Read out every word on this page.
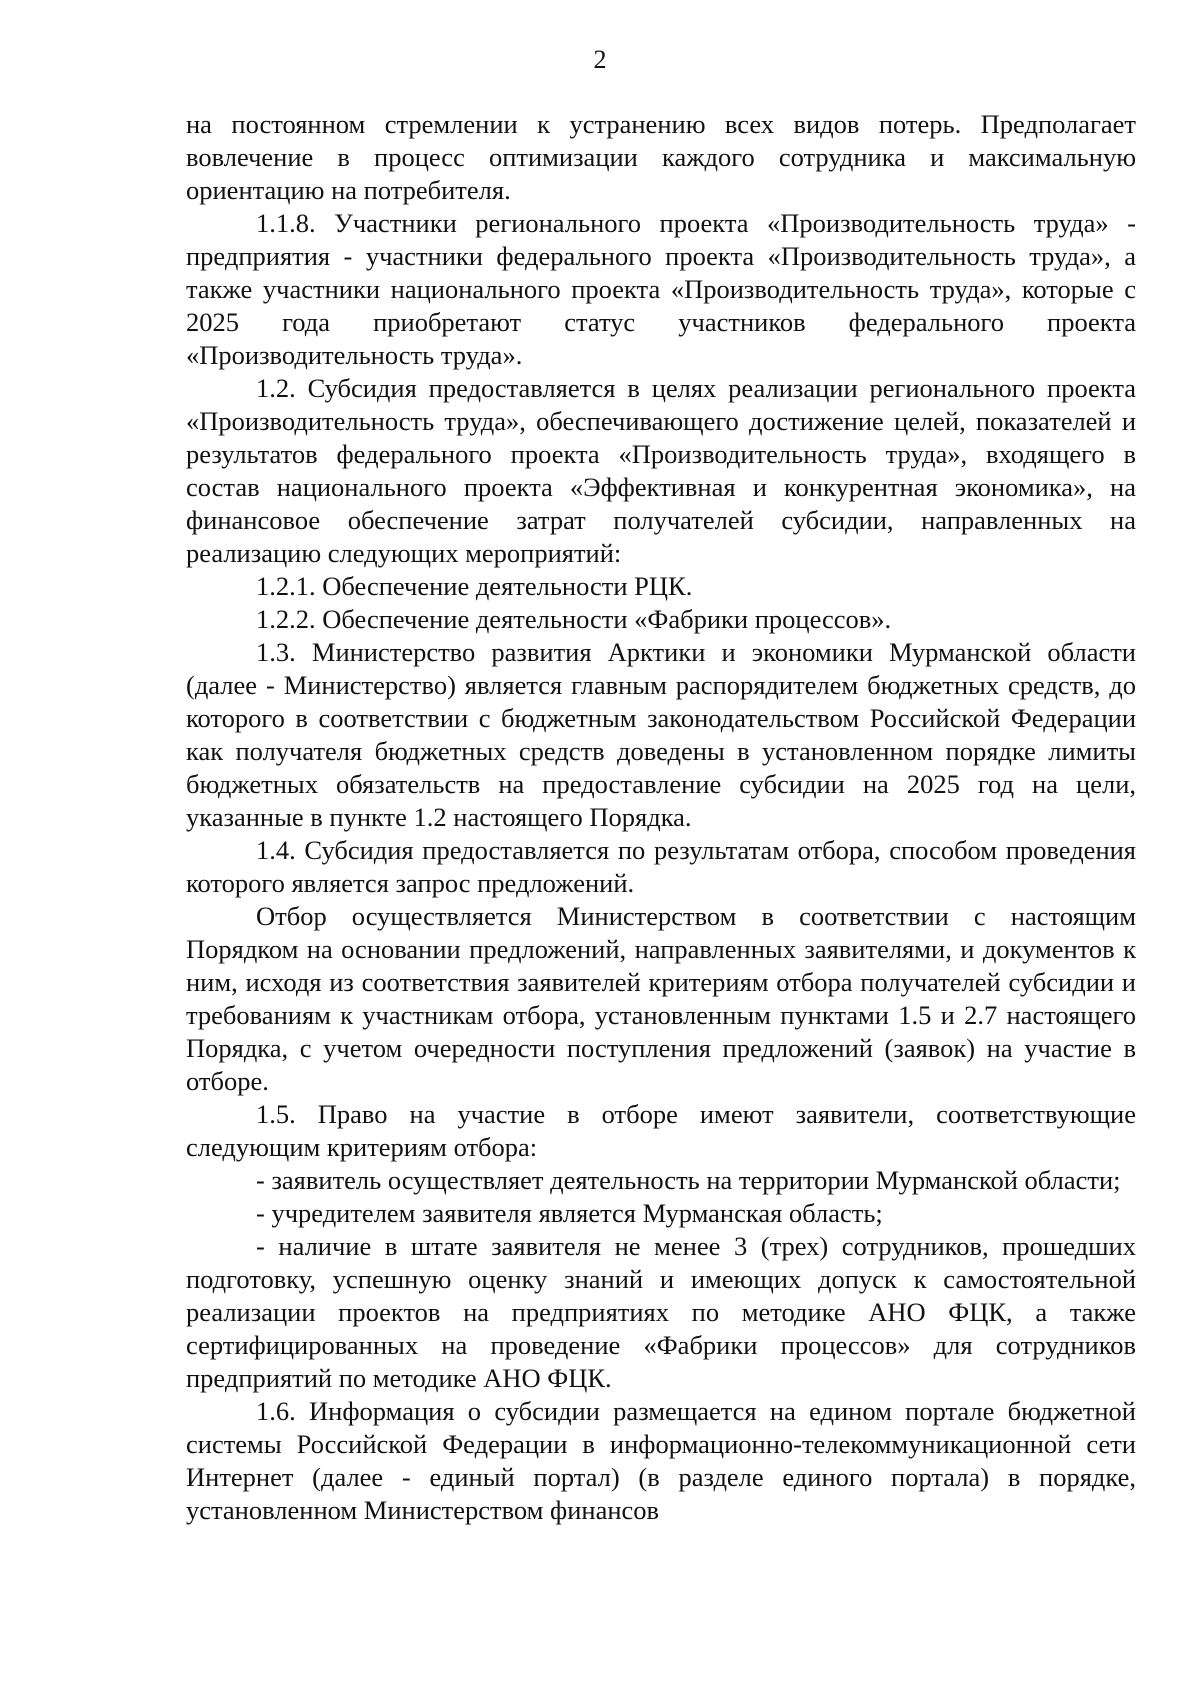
2

на постоянном стремлении к устранению всех видов потерь. Предполагает вовлечение в процесс оптимизации каждого сотрудника и максимальную ориентацию на потребителя.

1.1.8. Участники регионального проекта «Производительность труда» - предприятия - участники федерального проекта «Производительность труда», а также участники национального проекта «Производительность труда», которые с 2025 года приобретают статус участников федерального проекта «Производительность труда».

1.2. Субсидия предоставляется в целях реализации регионального проекта «Производительность труда», обеспечивающего достижение целей, показателей и результатов федерального проекта «Производительность труда», входящего в состав национального проекта «Эффективная и конкурентная экономика», на финансовое обеспечение затрат получателей субсидии, направленных на реализацию следующих мероприятий:

1.2.1. Обеспечение деятельности РЦК.

1.2.2. Обеспечение деятельности «Фабрики процессов».

1.3. Министерство развития Арктики и экономики Мурманской области (далее - Министерство) является главным распорядителем бюджетных средств, до которого в соответствии с бюджетным законодательством Российской Федерации как получателя бюджетных средств доведены в установленном порядке лимиты бюджетных обязательств на предоставление субсидии на 2025 год на цели, указанные в пункте 1.2 настоящего Порядка.

1.4. Субсидия предоставляется по результатам отбора, способом проведения которого является запрос предложений.

Отбор осуществляется Министерством в соответствии с настоящим Порядком на основании предложений, направленных заявителями, и документов к ним, исходя из соответствия заявителей критериям отбора получателей субсидии и требованиям к участникам отбора, установленным пунктами 1.5 и 2.7 настоящего Порядка, с учетом очередности поступления предложений (заявок) на участие в отборе.

1.5. Право на участие в отборе имеют заявители, соответствующие следующим критериям отбора:

- заявитель осуществляет деятельность на территории Мурманской области;

- учредителем заявителя является Мурманская область;

- наличие в штате заявителя не менее 3 (трех) сотрудников, прошедших подготовку, успешную оценку знаний и имеющих допуск к самостоятельной реализации проектов на предприятиях по методике АНО ФЦК, а также сертифицированных на проведение «Фабрики процессов» для сотрудников предприятий по методике АНО ФЦК.

1.6. Информация о субсидии размещается на едином портале бюджетной системы Российской Федерации в информационно-телекоммуникационной сети Интернет (далее - единый портал) (в разделе единого портала) в порядке, установленном Министерством финансов
